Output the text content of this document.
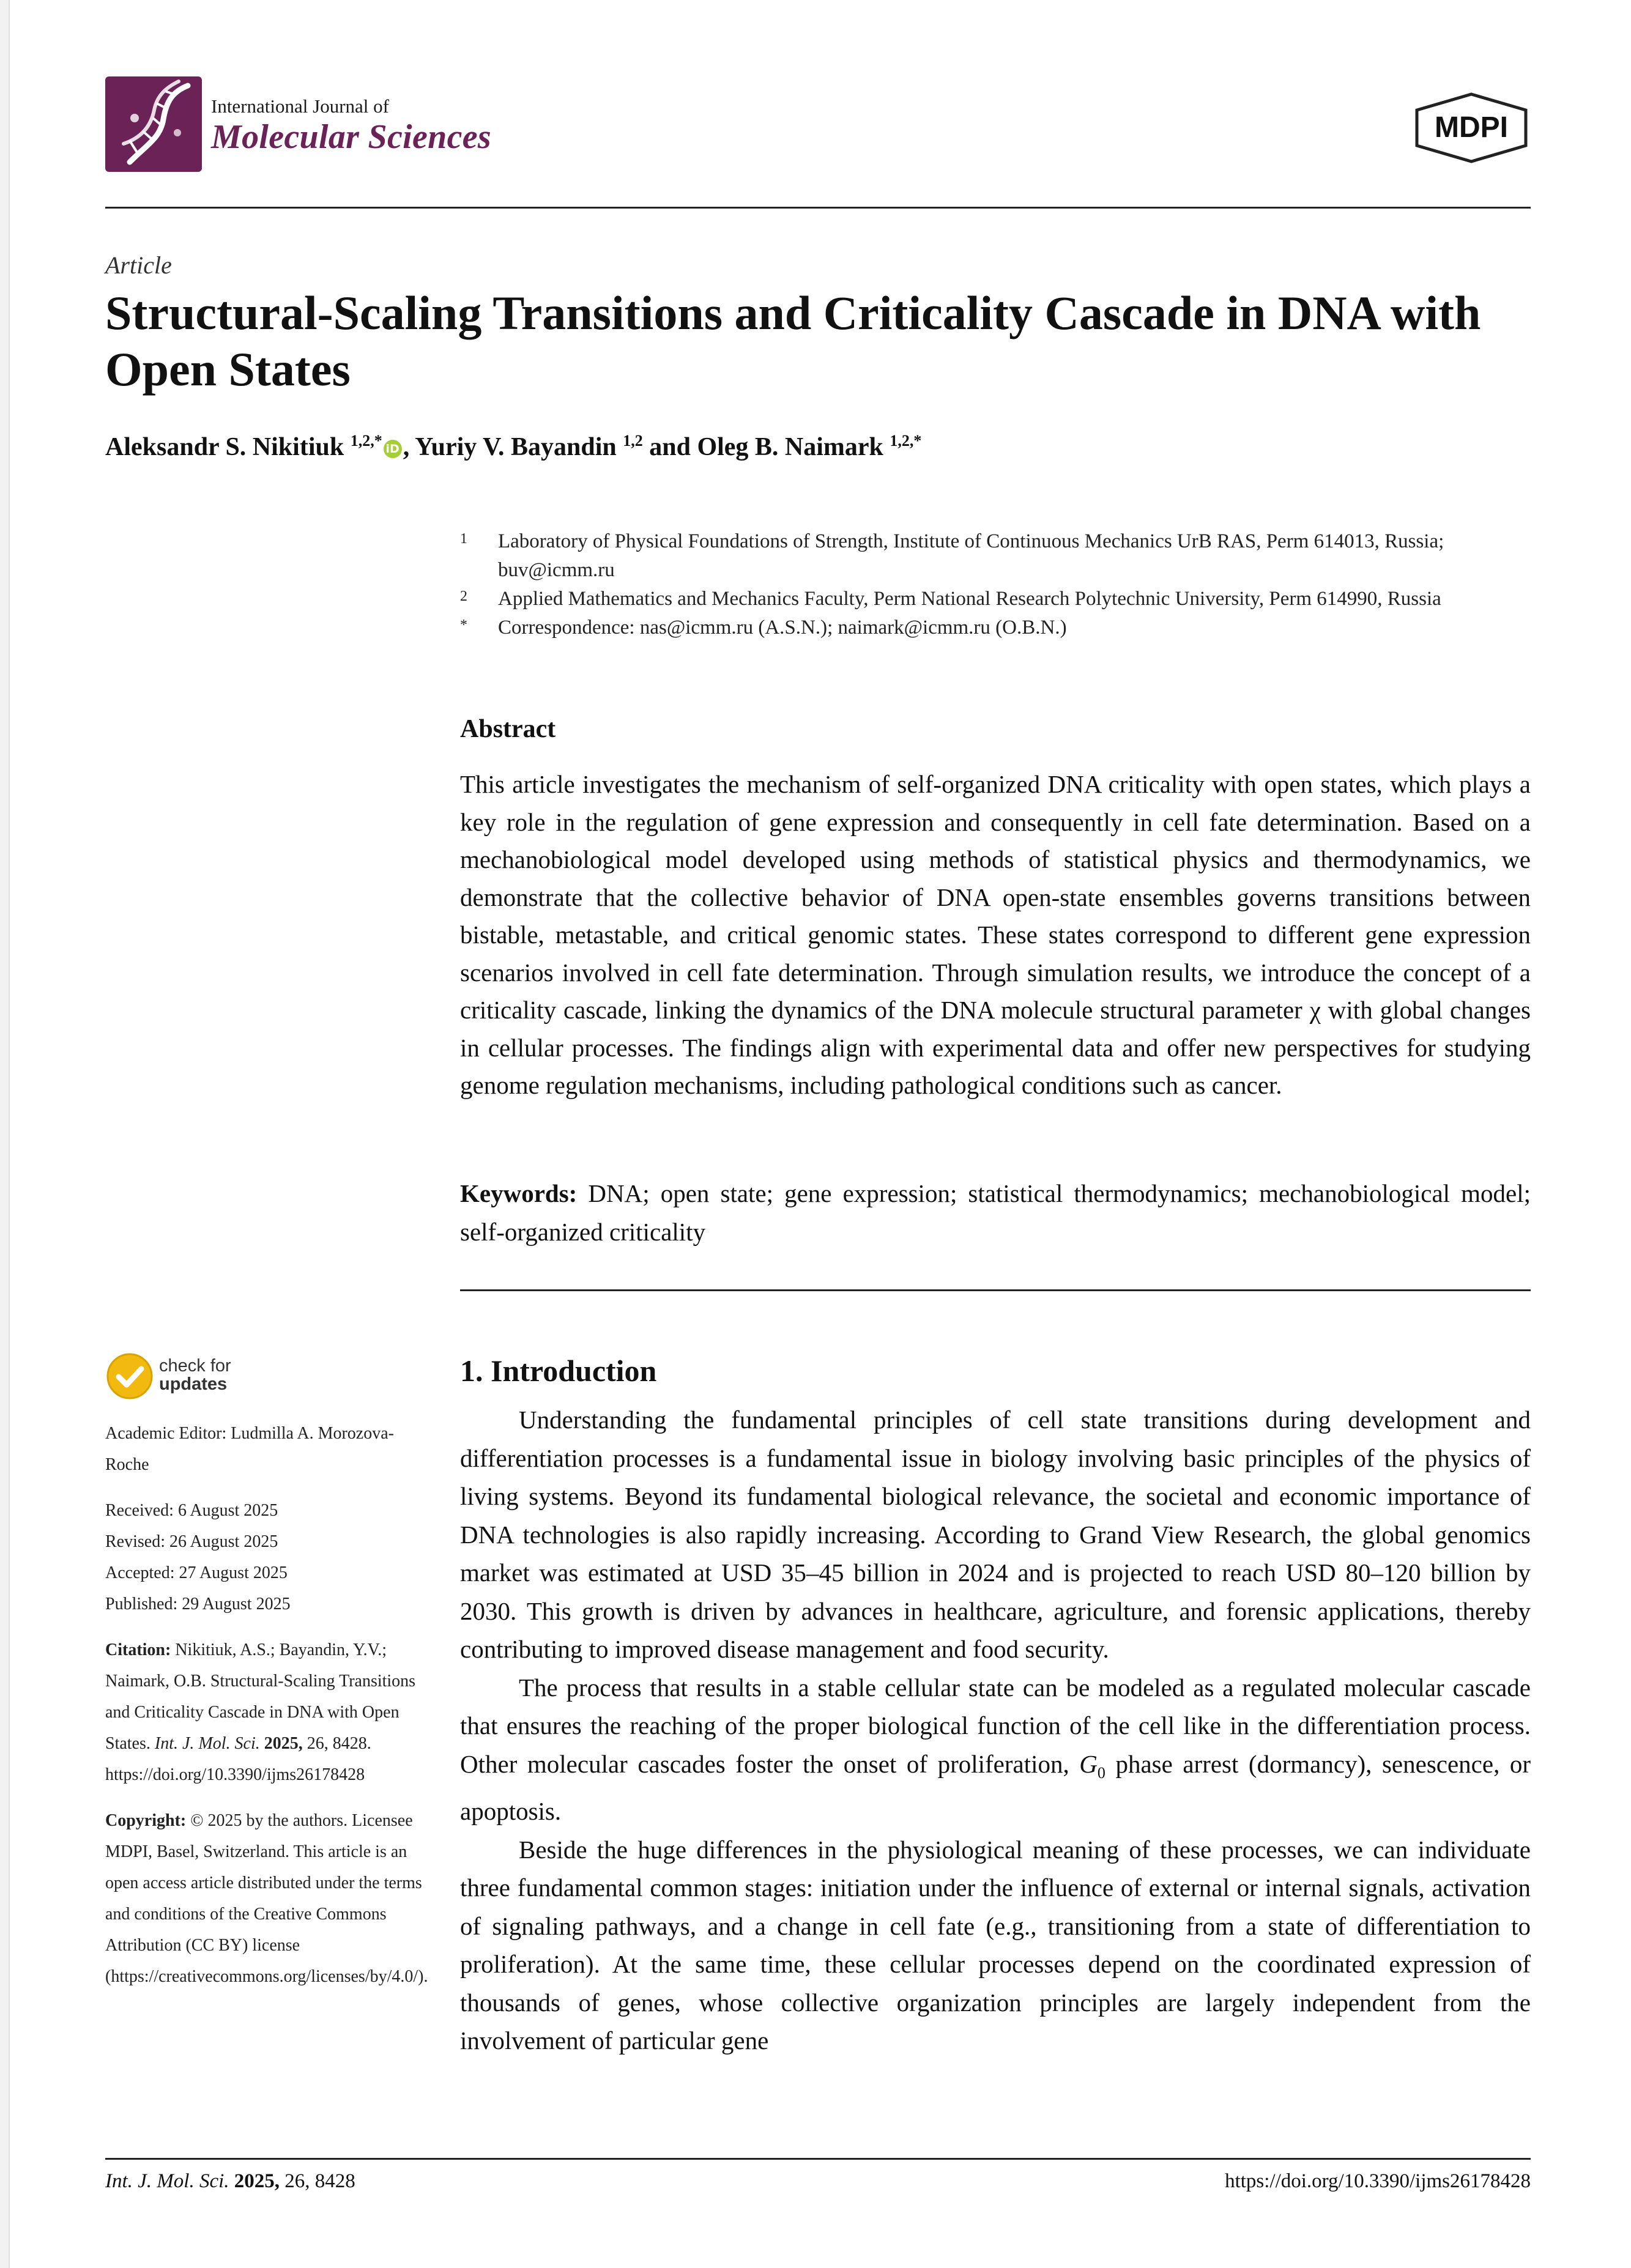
International Journal of
Molecular Sciences	MDPI
Article
Structural-Scaling Transitions and Criticality Cascade in DNA with Open States
Aleksandr S. Nikitiuk $^{1,2,*}$ iD , Yuriy V. Bayandin $^{1,2}$ and Oleg B. Naimark $^{1,2,*}$
1	Laboratory of Physical Foundations of Strength, Institute of Continuous Mechanics UrB RAS, Perm 614013, Russia; buv@icmm.ru
2	Applied Mathematics and Mechanics Faculty, Perm National Research Polytechnic University, Perm 614990, Russia
*	Correspondence: nas@icmm.ru (A.S.N.); naimark@icmm.ru (O.B.N.)
Abstract
This article investigates the mechanism of self-organized DNA criticality with open states, which plays a key role in the regulation of gene expression and consequently in cell fate determination. Based on a mechanobiological model developed using methods of statistical physics and thermodynamics, we demonstrate that the collective behavior of DNA open-state ensembles governs transitions between bistable, metastable, and critical genomic states. These states correspond to different gene expression scenarios involved in cell fate determination. Through simulation results, we introduce the concept of a criticality cascade, linking the dynamics of the DNA molecule structural parameter χ with global changes in cellular processes. The findings align with experimental data and offer new perspectives for studying genome regulation mechanisms, including pathological conditions such as cancer.
Keywords: DNA; open state; gene expression; statistical thermodynamics; mechanobiological model; self-organized criticality
check for
updates

Academic Editor: Ludmilla A. Morozova-Roche

Received: 6 August 2025
Revised: 26 August 2025
Accepted: 27 August 2025
Published: 29 August 2025

Citation: Nikitiuk, A.S.; Bayandin, Y.V.; Naimark, O.B. Structural-Scaling Transitions and Criticality Cascade in DNA with Open States. Int. J. Mol. Sci. 2025, 26, 8428. https://doi.org/10.3390/ijms26178428

Copyright: © 2025 by the authors. Licensee MDPI, Basel, Switzerland. This article is an open access article distributed under the terms and conditions of the Creative Commons Attribution (CC BY) license (https://creativecommons.org/licenses/by/4.0/).

1. Introduction

Understanding the fundamental principles of cell state transitions during development and differentiation processes is a fundamental issue in biology involving basic principles of the physics of living systems. Beyond its fundamental biological relevance, the societal and economic importance of DNA technologies is also rapidly increasing. According to Grand View Research, the global genomics market was estimated at USD 35–45 billion in 2024 and is projected to reach USD 80–120 billion by 2030. This growth is driven by advances in healthcare, agriculture, and forensic applications, thereby contributing to improved disease management and food security.

The process that results in a stable cellular state can be modeled as a regulated molecular cascade that ensures the reaching of the proper biological function of the cell like in the differentiation process. Other molecular cascades foster the onset of proliferation, $G_0$ phase arrest (dormancy), senescence, or apoptosis.

Beside the huge differences in the physiological meaning of these processes, we can individuate three fundamental common stages: initiation under the influence of external or internal signals, activation of signaling pathways, and a change in cell fate (e.g., transitioning from a state of differentiation to proliferation). At the same time, these cellular processes depend on the coordinated expression of thousands of genes, whose collective organization principles are largely independent from the involvement of particular gene

Int. J. Mol. Sci. 2025, 26, 8428	https://doi.org/10.3390/ijms26178428
